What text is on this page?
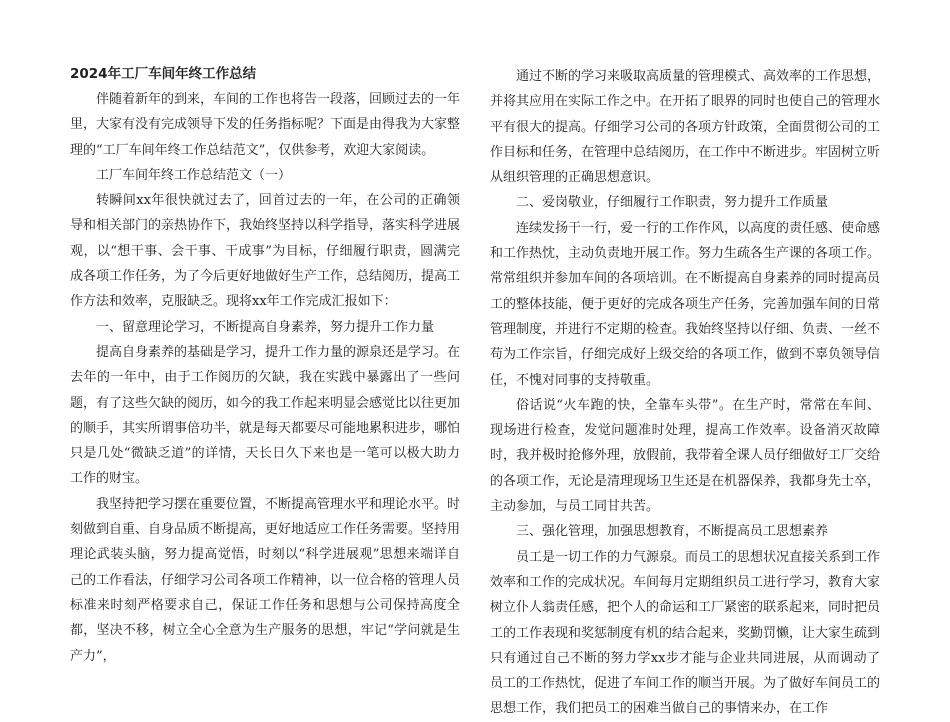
2024年工厂车间年终工作总结

伴随着新年的到来，车间的工作也将告一段落，回顾过去的一年里，大家有没有完成领导下发的任务指标呢？下面是由得我为大家整理的“工厂车间年终工作总结范文”，仅供参考，欢迎大家阅读。

工厂车间年终工作总结范文（一）

转瞬间xx年很快就过去了，回首过去的一年，在公司的正确领导和相关部门的亲热协作下，我始终坚持以科学指导，落实科学进展观，以“想干事、会干事、干成事”为目标，仔细履行职责，圆满完成各项工作任务，为了今后更好地做好生产工作，总结阅历，提高工作方法和效率，克服缺乏。现将xx年工作完成汇报如下：

一、留意理论学习，不断提高自身素养，努力提升工作力量

提高自身素养的基础是学习，提升工作力量的源泉还是学习。在去年的一年中，由于工作阅历的欠缺，我在实践中暴露出了一些问题，有了这些欠缺的阅历，如今的我工作起来明显会感觉比以往更加的顺手，其实所谓事倍功半，就是每天都要尽可能地累积进步，哪怕只是几处“微缺乏道”的详情，天长日久下来也是一笔可以极大助力工作的财宝。

我坚持把学习摆在重要位置，不断提高管理水平和理论水平。时刻做到自重、自身品质不断提高，更好地适应工作任务需要。坚持用理论武装头脑，努力提高觉悟，时刻以“科学进展观”思想来端详自己的工作看法，仔细学习公司各项工作精神，以一位合格的管理人员标准来时刻严格要求自己，保证工作任务和思想与公司保持高度全都，坚决不移，树立全心全意为生产服务的思想，牢记“学问就是生产力”，

通过不断的学习来吸取高质量的管理模式、高效率的工作思想，并将其应用在实际工作之中。在开拓了眼界的同时也使自己的管理水平有很大的提高。仔细学习公司的各项方针政策，全面贯彻公司的工作目标和任务，在管理中总结阅历，在工作中不断进步。牢固树立听从组织管理的正确思想意识。

二、爱岗敬业，仔细履行工作职责，努力提升工作质量

连续发扬干一行，爱一行的工作作风，以高度的责任感、使命感和工作热忱，主动负责地开展工作。努力生疏各生产课的各项工作。常常组织并参加车间的各项培训。在不断提高自身素养的同时提高员工的整体技能，便于更好的完成各项生产任务，完善加强车间的日常管理制度，并进行不定期的检查。我始终坚持以仔细、负责、一丝不苟为工作宗旨，仔细完成好上级交给的各项工作，做到不辜负领导信任，不愧对同事的支持敬重。

俗话说“火车跑的快，全靠车头带”。在生产时，常常在车间、现场进行检查，发觉问题准时处理，提高工作效率。设备消灭故障时，我并极时抢修外理，放假前，我带着全课人员仔细做好工厂交给的各项工作，无论是清理现场卫生还是在机器保养，我都身先士卒，主动参加，与员工同甘共苦。

三、强化管理，加强思想教育，不断提高员工思想素养

员工是一切工作的力气源泉。而员工的思想状况直接关系到工作效率和工作的完成状况。车间每月定期组织员工进行学习，教育大家树立仆人翁责任感，把个人的命运和工厂紧密的联系起来，同时把员工的工作表现和奖惩制度有机的结合起来，奖勤罚懒，让大家生疏到只有通过自己不断的努力学xx步才能与企业共同进展，从而调动了员工的工作热忱，促进了车间工作的顺当开展。为了做好车间员工的思想工作，我们把员工的困难当做自己的事情来办，在工作
